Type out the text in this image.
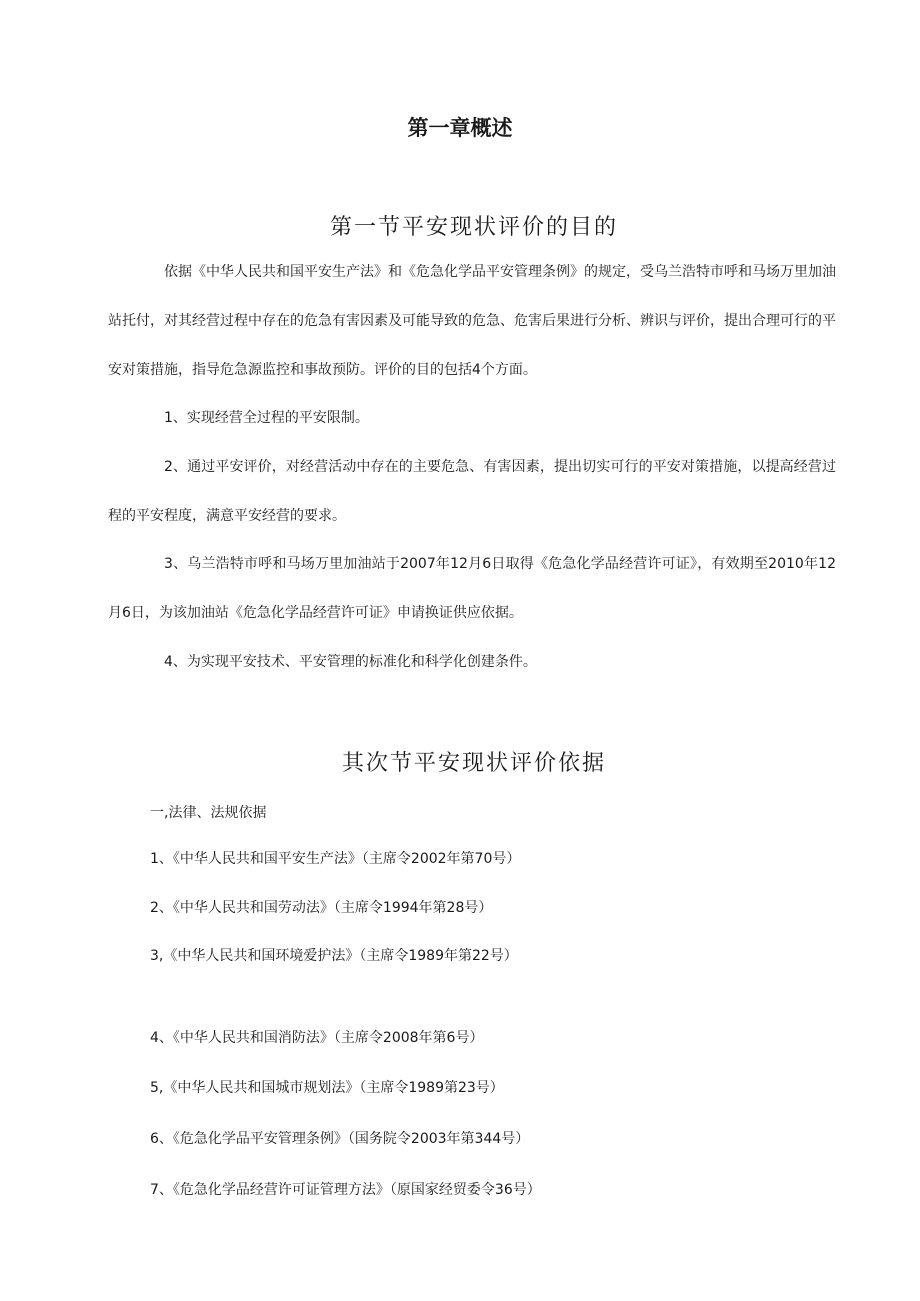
第一章概述
第一节平安现状评价的目的

依据《中华人民共和国平安生产法》和《危急化学品平安管理条例》的规定，受乌兰浩特市呼和马场万里加油站托付，对其经营过程中存在的危急有害因素及可能导致的危急、危害后果进行分析、辨识与评价，提出合理可行的平安对策措施，指导危急源监控和事故预防。评价的目的包括4个方面。

1、实现经营全过程的平安限制。

2、通过平安评价，对经营活动中存在的主要危急、有害因素，提出切实可行的平安对策措施，以提高经营过程的平安程度，满意平安经营的要求。

3、乌兰浩特市呼和马场万里加油站于2007年12月6日取得《危急化学品经营许可证》，有效期至2010年12月6日，为该加油站《危急化学品经营许可证》申请换证供应依据。

4、为实现平安技术、平安管理的标准化和科学化创建条件。

其次节平安现状评价依据
一,法律、法规依据
1、《中华人民共和国平安生产法》（主席令2002年第70号）
2、《中华人民共和国劳动法》（主席令1994年第28号）
3,《中华人民共和国环境爱护法》（主席令1989年第22号）
4、《中华人民共和国消防法》（主席令2008年第6号）
5,《中华人民共和国城市规划法》（主席令1989第23号）
6、《危急化学品平安管理条例》（国务院令2003年第344号）
7、《危急化学品经营许可证管理方法》（原国家经贸委令36号）
